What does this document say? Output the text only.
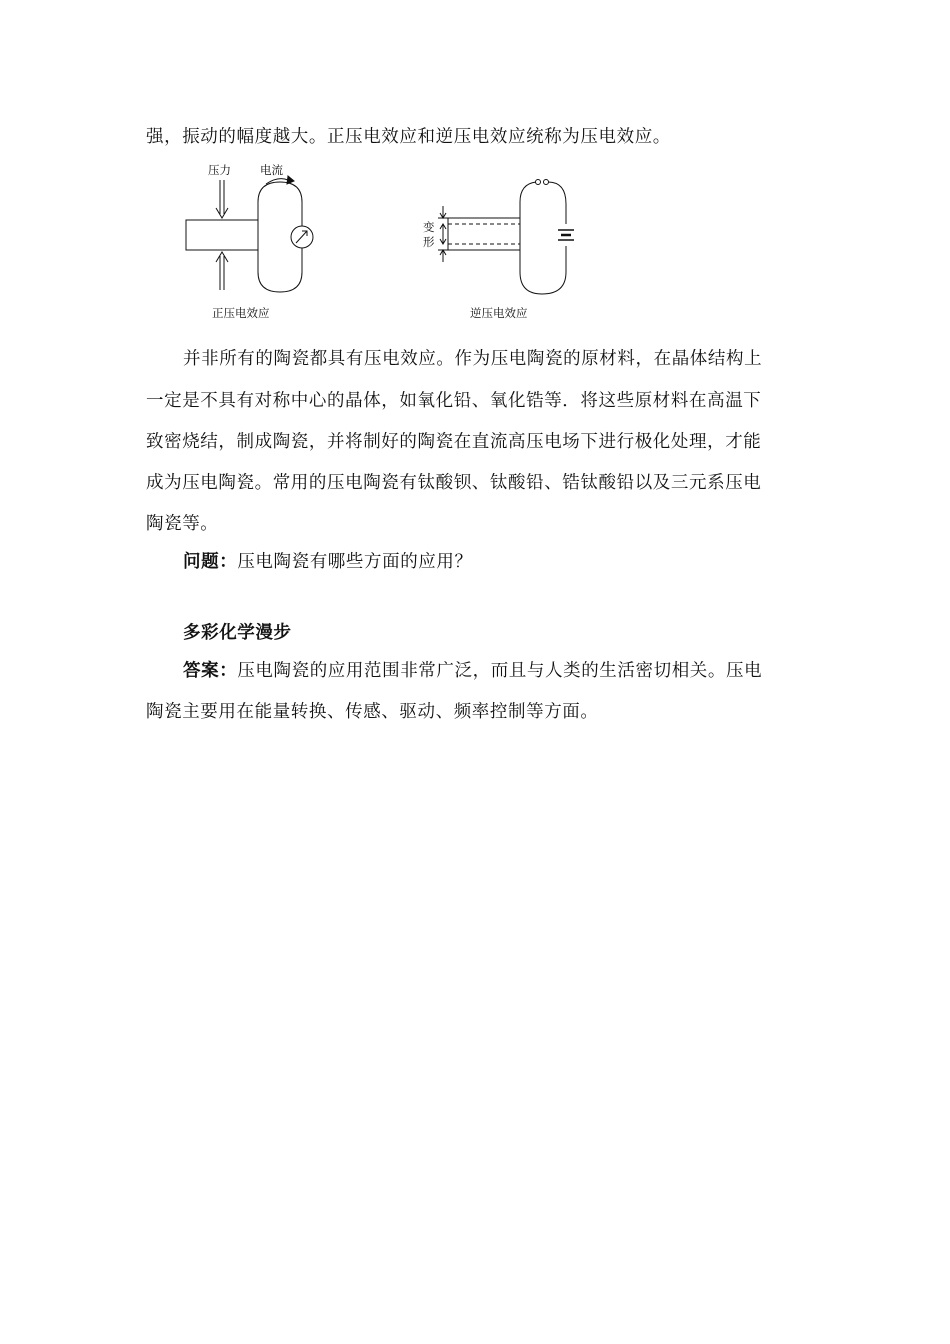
强，振动的幅度越大。正压电效应和逆压电效应统称为压电效应。
压力	电流
正压电效应
变
形
逆压电效应
并非所有的陶瓷都具有压电效应。作为压电陶瓷的原材料，在晶体结构上
一定是不具有对称中心的晶体，如氧化铅、氧化锆等．将这些原材料在高温下
致密烧结，制成陶瓷，并将制好的陶瓷在直流高压电场下进行极化处理，才能
成为压电陶瓷。常用的压电陶瓷有钛酸钡、钛酸铅、锆钛酸铅以及三元系压电
陶瓷等。
问题：压电陶瓷有哪些方面的应用？
多彩化学漫步
答案：压电陶瓷的应用范围非常广泛，而且与人类的生活密切相关。压电
陶瓷主要用在能量转换、传感、驱动、频率控制等方面。
